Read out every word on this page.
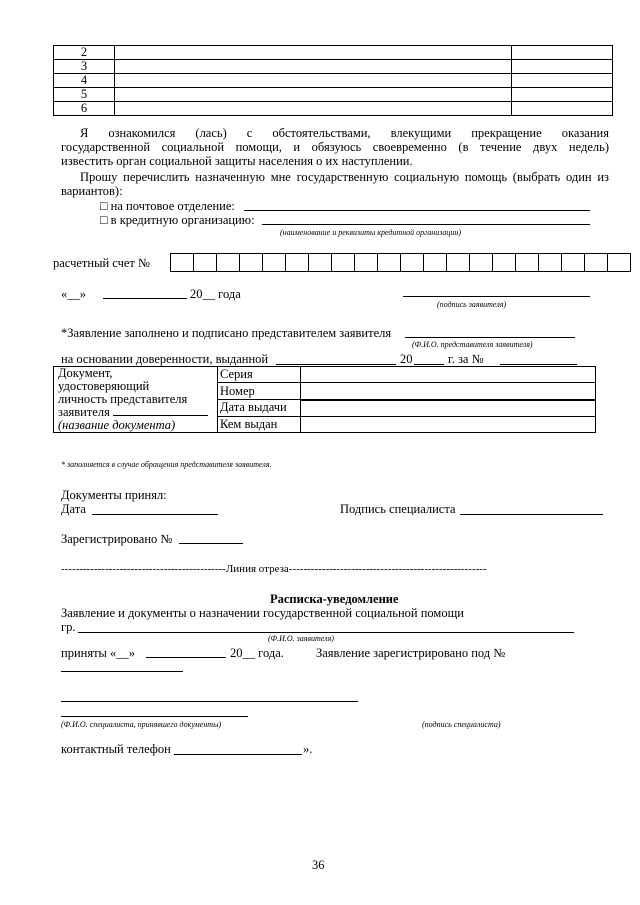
2		
3		
4		
5		
6		
Я ознакомился (лась) с обстоятельствами, влекущими прекращение оказания
государственной социальной помощи, и обязуюсь своевременно (в течение двух недель)
известить орган социальной защиты населения о их наступлении.
Прошу перечислить назначенную мне государственную социальную помощь (выбрать один из
вариантов):
□ на почтовое отделение:
□ в кредитную организацию:
(наименование и реквизиты кредитной организации)
расчетный счет №

«__»	20__ года
(подпись заявителя)
*Заявление заполнено и подписано представителем заявителя
(Ф.И.О. представителя заявителя)
на основании доверенности, выданной	20	г. за №
Документ,
удостоверяющий
личность представителя
заявителя
(название документа)	Серия	
	Номер	

	Дата выдачи	
	Кем выдан	
* заполняется в случае обращения представителя заявителя.
Документы принял:
Дата	Подпись специалиста
Зарегистрировано №
---------------------------------------------Линия отреза------------------------------------------------------
Расписка-уведомление
Заявление и документы о назначении государственной социальной помощи
гр.
(Ф.И.О. заявителя)
приняты «__»	20__ года.	Заявление зарегистрировано под №
(Ф.И.О. специалиста, принявшего документы)	(подпись специалиста)
контактный телефон	».
36
